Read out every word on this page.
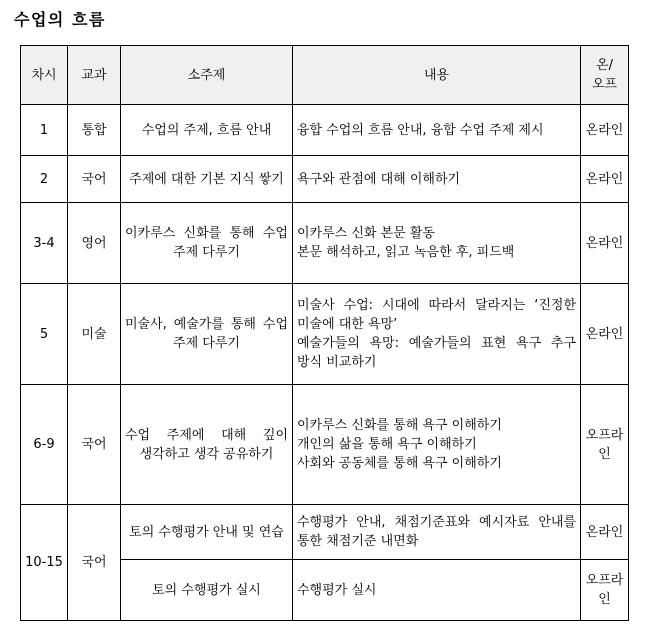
수업의 흐름
차시	교과	소주제	내용	온/오프
1	통합	수업의 주제, 흐름 안내	융합 수업의 흐름 안내, 융합 수업 주제 제시	온라인
2	국어	주제에 대한 기본 지식 쌓기	욕구와 관점에 대해 이해하기	온라인
3-4	영어	이카루스 신화를 통해 수업 주제 다루기	이카루스 신화 본문 활동
본문 해석하고, 읽고 녹음한 후, 피드백	온라인
5	미술	미술사, 예술가를 통해 수업 주제 다루기	미술사 수업: 시대에 따라서 달라지는 ‘진정한 미술에 대한 욕망’
예술가들의 욕망: 예술가들의 표현 욕구 추구 방식 비교하기	온라인
6-9	국어	수업 주제에 대해 깊이 생각하고 생각 공유하기	이카루스 신화를 통해 욕구 이해하기
개인의 삶을 통해 욕구 이해하기
사회와 공동체를 통해 욕구 이해하기	오프라인
10-15	국어	토의 수행평가 안내 및 연습	수행평가 안내, 채점기준표와 예시자료 안내를 통한 채점기준 내면화	온라인
		토의 수행평가 실시	수행평가 실시	오프라인
